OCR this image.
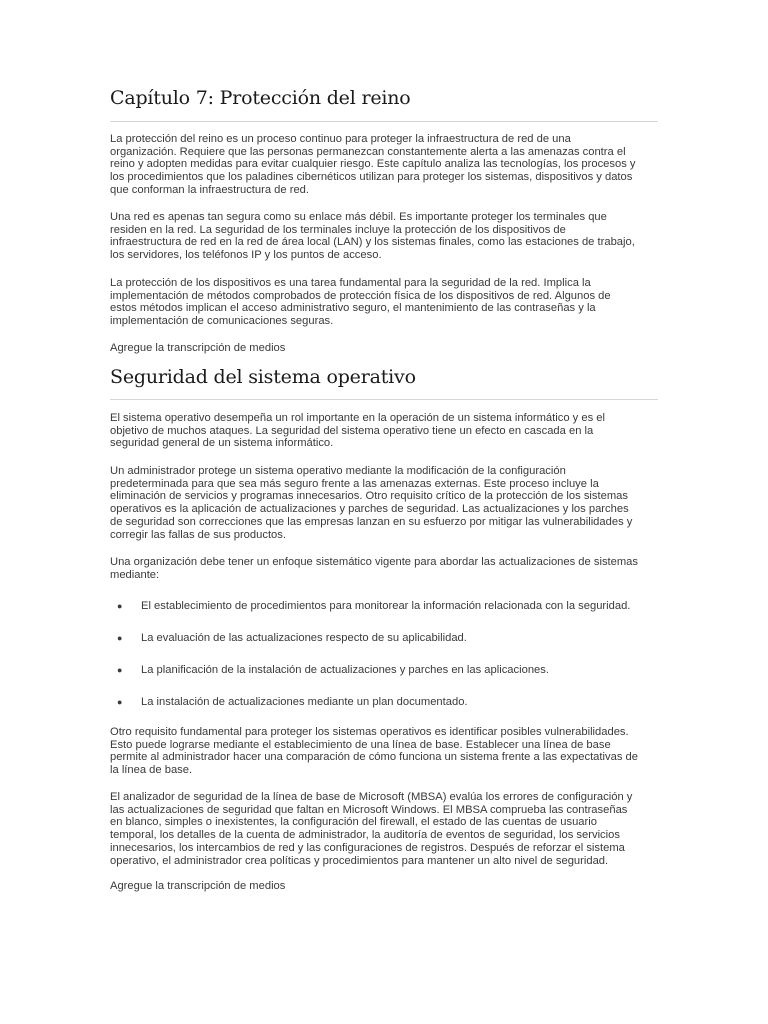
Capítulo 7: Protección del reino

La protección del reino es un proceso continuo para proteger la infraestructura de red de una
organización. Requiere que las personas permanezcan constantemente alerta a las amenazas contra el
reino y adopten medidas para evitar cualquier riesgo. Este capítulo analiza las tecnologías, los procesos y
los procedimientos que los paladines cibernéticos utilizan para proteger los sistemas, dispositivos y datos
que conforman la infraestructura de red.

Una red es apenas tan segura como su enlace más débil. Es importante proteger los terminales que
residen en la red. La seguridad de los terminales incluye la protección de los dispositivos de
infraestructura de red en la red de área local (LAN) y los sistemas finales, como las estaciones de trabajo,
los servidores, los teléfonos IP y los puntos de acceso.

La protección de los dispositivos es una tarea fundamental para la seguridad de la red. Implica la
implementación de métodos comprobados de protección física de los dispositivos de red. Algunos de
estos métodos implican el acceso administrativo seguro, el mantenimiento de las contraseñas y la
implementación de comunicaciones seguras.

Agregue la transcripción de medios
Seguridad del sistema operativo

El sistema operativo desempeña un rol importante en la operación de un sistema informático y es el
objetivo de muchos ataques. La seguridad del sistema operativo tiene un efecto en cascada en la
seguridad general de un sistema informático.

Un administrador protege un sistema operativo mediante la modificación de la configuración
predeterminada para que sea más seguro frente a las amenazas externas. Este proceso incluye la
eliminación de servicios y programas innecesarios. Otro requisito crítico de la protección de los sistemas
operativos es la aplicación de actualizaciones y parches de seguridad. Las actualizaciones y los parches
de seguridad son correcciones que las empresas lanzan en su esfuerzo por mitigar las vulnerabilidades y
corregir las fallas de sus productos.

Una organización debe tener un enfoque sistemático vigente para abordar las actualizaciones de sistemas
mediante:

● El establecimiento de procedimientos para monitorear la información relacionada con la seguridad.
● La evaluación de las actualizaciones respecto de su aplicabilidad.
● La planificación de la instalación de actualizaciones y parches en las aplicaciones.
● La instalación de actualizaciones mediante un plan documentado.

Otro requisito fundamental para proteger los sistemas operativos es identificar posibles vulnerabilidades.
Esto puede lograrse mediante el establecimiento de una línea de base. Establecer una línea de base
permite al administrador hacer una comparación de cómo funciona un sistema frente a las expectativas de
la línea de base.

El analizador de seguridad de la línea de base de Microsoft (MBSA) evalúa los errores de configuración y
las actualizaciones de seguridad que faltan en Microsoft Windows. El MBSA comprueba las contraseñas
en blanco, simples o inexistentes, la configuración del firewall, el estado de las cuentas de usuario
temporal, los detalles de la cuenta de administrador, la auditoría de eventos de seguridad, los servicios
innecesarios, los intercambios de red y las configuraciones de registros. Después de reforzar el sistema
operativo, el administrador crea políticas y procedimientos para mantener un alto nivel de seguridad.

Agregue la transcripción de medios
